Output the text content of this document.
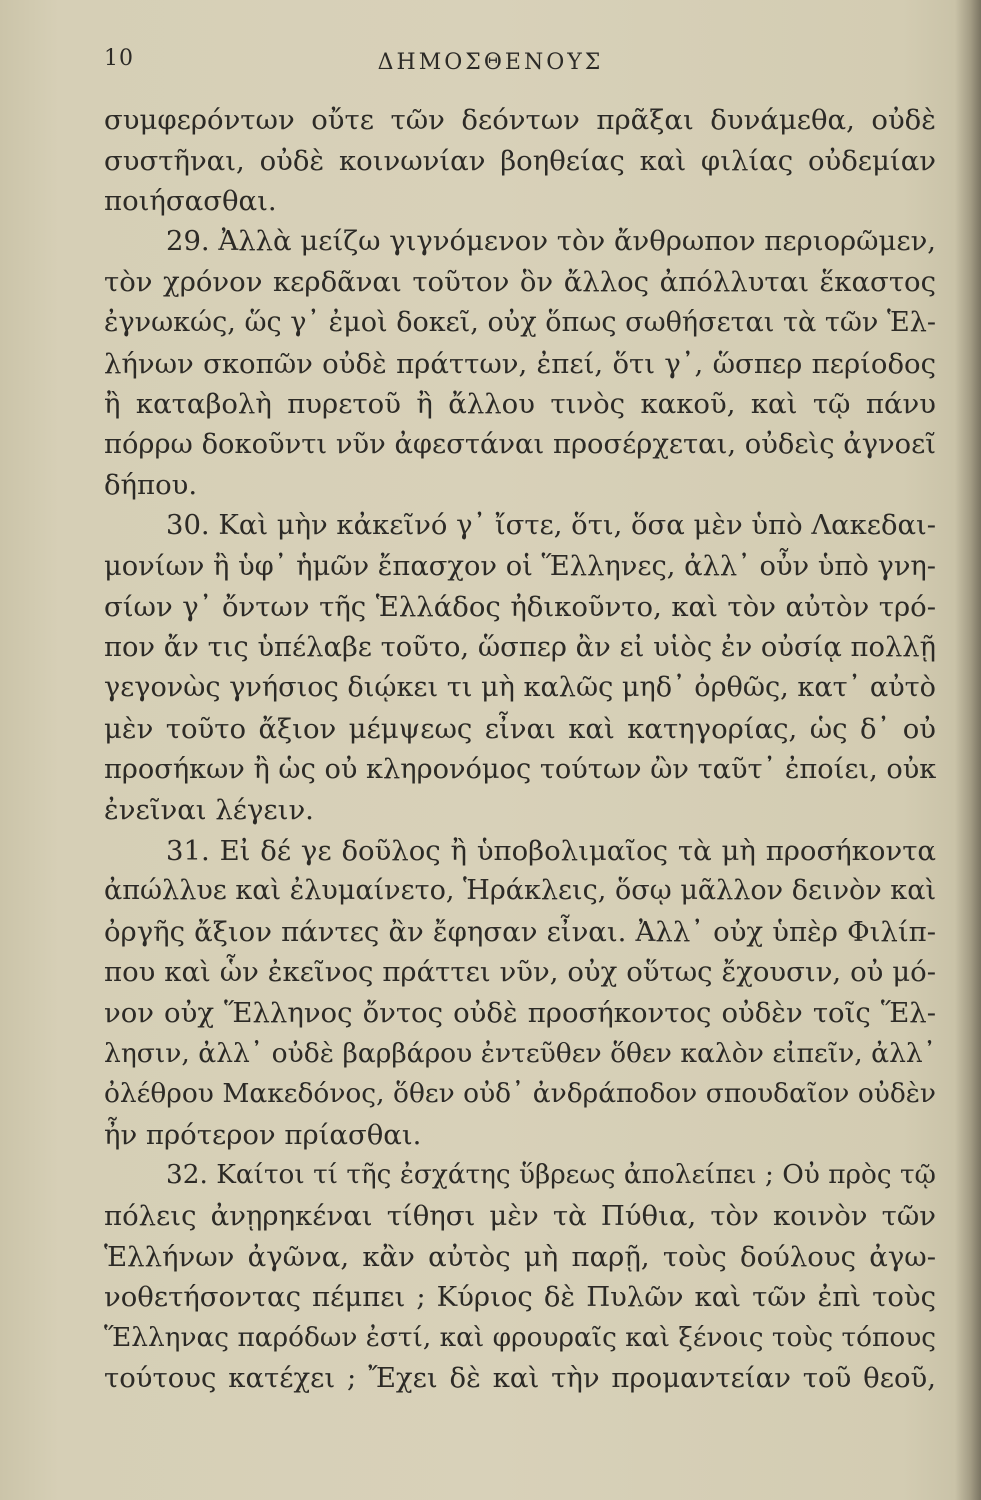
10	ΔΗΜΟΣΘΕΝΟΥΣ
συμφερόντων οὔτε τῶν δεόντων πρᾶξαι δυνάμεθα, οὐδὲ
συστῆναι, οὐδὲ κοινωνίαν βοηθείας καὶ φιλίας οὐδεμίαν
ποιήσασθαι.
29. Ἀλλὰ μείζω γιγνόμενον τὸν ἄνθρωπον περιορῶμεν,
τὸν χρόνον κερδᾶναι τοῦτον ὃν ἄλλος ἀπόλλυται ἕκαστος
ἐγνωκώς, ὥς γ᾽ ἐμοὶ δοκεῖ, οὐχ ὅπως σωθήσεται τὰ τῶν Ἑλ-
λήνων σκοπῶν οὐδὲ πράττων, ἐπεί, ὅτι γ᾽, ὥσπερ περίοδος
ἢ καταβολὴ πυρετοῦ ἢ ἄλλου τινὸς κακοῦ, καὶ τῷ πάνυ
πόρρω δοκοῦντι νῦν ἀφεστάναι προσέρχεται, οὐδεὶς ἀγνοεῖ
δήπου.
30. Καὶ μὴν κἀκεῖνό γ᾽ ἴστε, ὅτι, ὅσα μὲν ὑπὸ Λακεδαι-
μονίων ἢ ὑφ᾽ ἡμῶν ἔπασχον οἱ Ἕλληνες, ἀλλ᾽ οὖν ὑπὸ γνη-
σίων γ᾽ ὄντων τῆς Ἑλλάδος ἠδικοῦντο, καὶ τὸν αὐτὸν τρό-
πον ἄν τις ὑπέλαβε τοῦτο, ὥσπερ ἂν εἰ υἱὸς ἐν οὐσίᾳ πολλῇ
γεγονὼς γνήσιος διῴκει τι μὴ καλῶς μηδ᾽ ὀρθῶς, κατ᾽ αὐτὸ
μὲν τοῦτο ἄξιον μέμψεως εἶναι καὶ κατηγορίας, ὡς δ᾽ οὐ
προσήκων ἢ ὡς οὐ κληρονόμος τούτων ὢν ταῦτ᾽ ἐποίει, οὐκ
ἐνεῖναι λέγειν.
31. Εἰ δέ γε δοῦλος ἢ ὑποβολιμαῖος τὰ μὴ προσήκοντα
ἀπώλλυε καὶ ἐλυμαίνετο, Ἡράκλεις, ὅσῳ μᾶλλον δεινὸν καὶ
ὀργῆς ἄξιον πάντες ἂν ἔφησαν εἶναι. Ἀλλ᾽ οὐχ ὑπὲρ Φιλίπ-
που καὶ ὧν ἐκεῖνος πράττει νῦν, οὐχ οὕτως ἔχουσιν, οὐ μό-
νον οὐχ Ἕλληνος ὄντος οὐδὲ προσήκοντος οὐδὲν τοῖς Ἕλ-
λησιν, ἀλλ᾽ οὐδὲ βαρβάρου ἐντεῦθεν ὅθεν καλὸν εἰπεῖν, ἀλλ᾽
ὀλέθρου Μακεδόνος, ὅθεν οὐδ᾽ ἀνδράποδον σπουδαῖον οὐδὲν
ἦν πρότερον πρίασθαι.
32. Καίτοι τί τῆς ἐσχάτης ὕβρεως ἀπολείπει ; Οὐ πρὸς τῷ
πόλεις ἀνῃρηκέναι τίθησι μὲν τὰ Πύθια, τὸν κοινὸν τῶν
Ἑλλήνων ἀγῶνα, κἂν αὐτὸς μὴ παρῇ, τοὺς δούλους ἀγω-
νοθετήσοντας πέμπει ; Κύριος δὲ Πυλῶν καὶ τῶν ἐπὶ τοὺς
Ἕλληνας παρόδων ἐστί, καὶ φρουραῖς καὶ ξένοις τοὺς τόπους
τούτους κατέχει ; Ἔχει δὲ καὶ τὴν προμαντείαν τοῦ θεοῦ,
